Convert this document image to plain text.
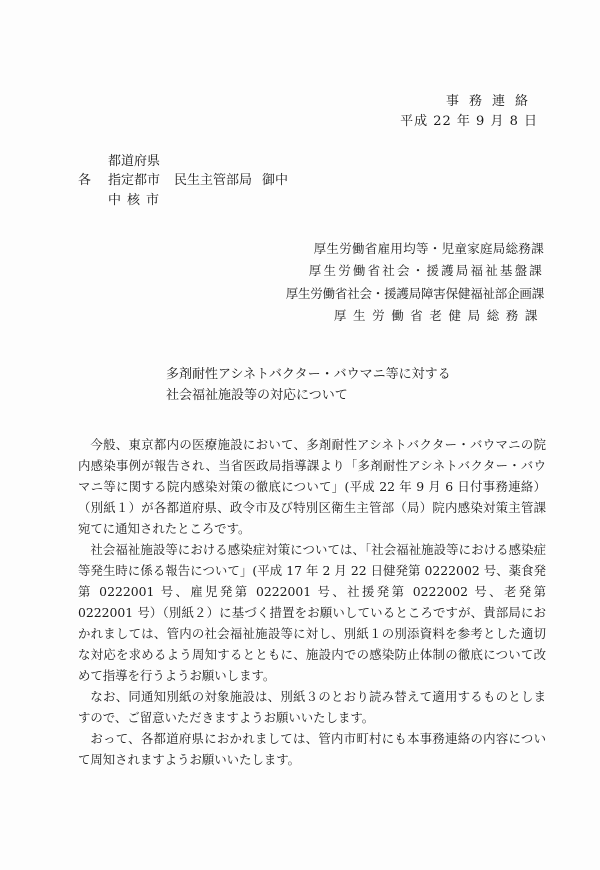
事務連絡
平成 22 年 9 月 8 日
都道府県
各 指定都市 民生主管部局 御中
中核市
厚生労働省雇用均等・児童家庭局総務課
厚生労働省社会・援護局福祉基盤課
厚生労働省社会・援護局障害保健福祉部企画課
厚生労働省老健局総務課
多剤耐性アシネトバクター・バウマニ等に対する
社会福祉施設等の対応について

今般、東京都内の医療施設において、多剤耐性アシネトバクター・バウマニの院内感染事例が報告され、当省医政局指導課より「多剤耐性アシネトバクター・バウマニ等に関する院内感染対策の徹底について」(平成 22 年 9 月 6 日付事務連絡）（別紙１）が各都道府県、政令市及び特別区衛生主管部（局）院内感染対策主管課宛てに通知されたところです。

社会福祉施設等における感染症対策については、「社会福祉施設等における感染症等発生時に係る報告について」(平成 17 年 2 月 22 日健発第 0222002 号、薬食発第 0222001 号、雇児発第 0222001 号、社援発第 0222002 号、老発第 0222001 号）（別紙２）に基づく措置をお願いしているところですが、貴部局におかれましては、管内の社会福祉施設等に対し、別紙１の別添資料を参考とした適切な対応を求めるよう周知するとともに、施設内での感染防止体制の徹底について改めて指導を行うようお願いします。

なお、同通知別紙の対象施設は、別紙３のとおり読み替えて適用するものとしますので、ご留意いただきますようお願いいたします。

おって、各都道府県におかれましては、管内市町村にも本事務連絡の内容について周知されますようお願いいたします。
